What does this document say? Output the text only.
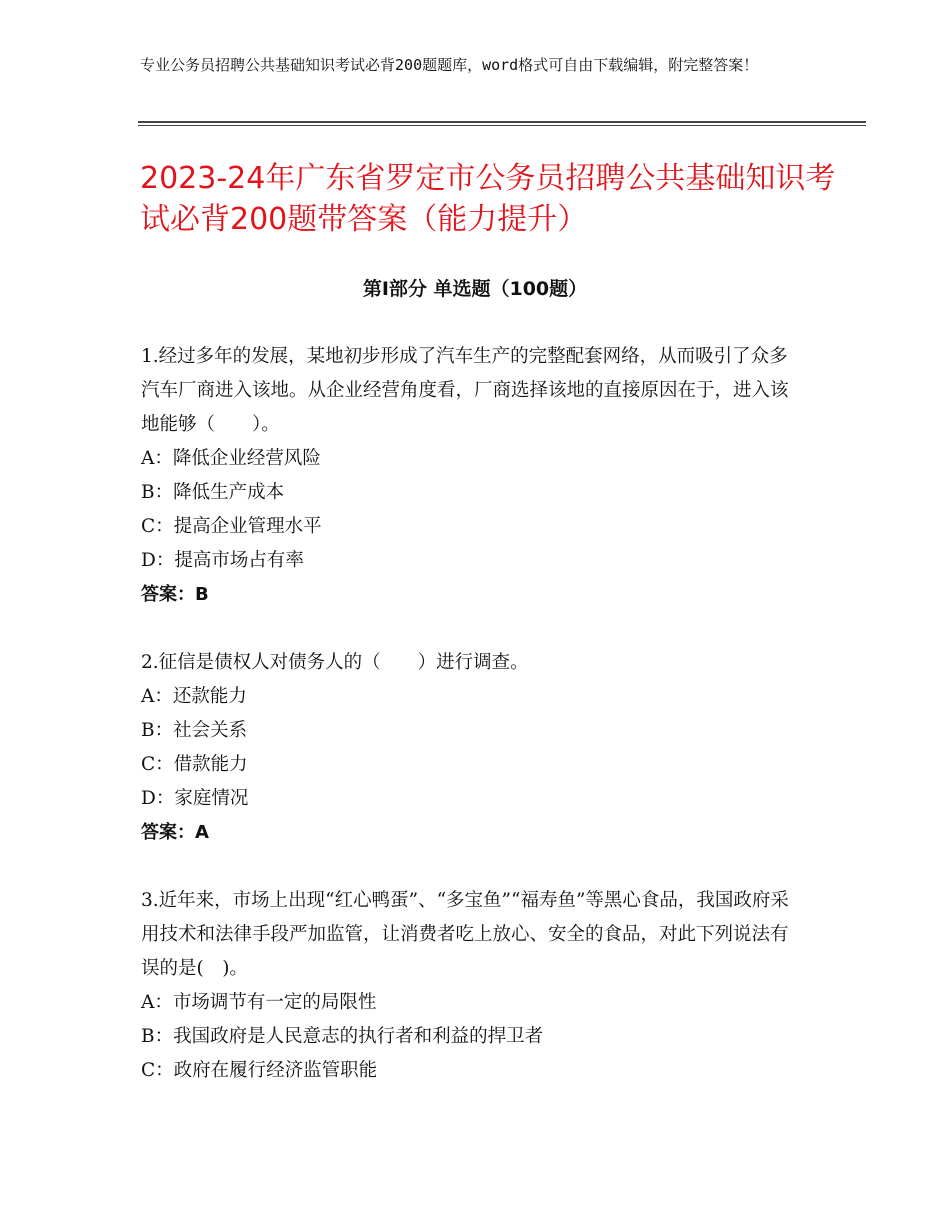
专业公务员招聘公共基础知识考试必背200题题库，word格式可自由下载编辑，附完整答案！
2023-24年广东省罗定市公务员招聘公共基础知识考试必背200题带答案（能力提升）
第Ⅰ部分 单选题（100题）
1.经过多年的发展，某地初步形成了汽车生产的完整配套网络，从而吸引了众多汽车厂商进入该地。从企业经营角度看，厂商选择该地的直接原因在于，进入该地能够（　　）。
A：降低企业经营风险
B：降低生产成本
C：提高企业管理水平
D：提高市场占有率
答案：B
2.征信是债权人对债务人的（　　）进行调查。
A：还款能力
B：社会关系
C：借款能力
D：家庭情况
答案：A
3.近年来，市场上出现“红心鸭蛋”、“多宝鱼”“福寿鱼”等黑心食品，我国政府采用技术和法律手段严加监管，让消费者吃上放心、安全的食品，对此下列说法有误的是(　)。
A：市场调节有一定的局限性
B：我国政府是人民意志的执行者和利益的捍卫者
C：政府在履行经济监管职能
